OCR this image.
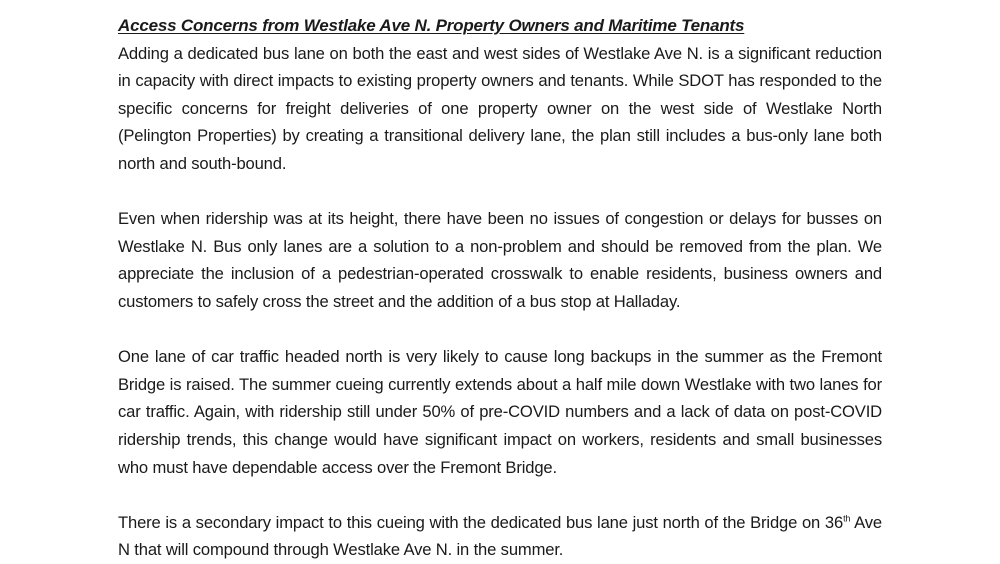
Access Concerns from Westlake Ave N. Property Owners and Maritime Tenants

Adding a dedicated bus lane on both the east and west sides of Westlake Ave N. is a significant reduction in capacity with direct impacts to existing property owners and tenants. While SDOT has responded to the specific concerns for freight deliveries of one property owner on the west side of Westlake North (Pelington Properties) by creating a transitional delivery lane, the plan still includes a bus-only lane both north and south-bound.

Even when ridership was at its height, there have been no issues of congestion or delays for busses on Westlake N. Bus only lanes are a solution to a non-problem and should be removed from the plan. We appreciate the inclusion of a pedestrian-operated crosswalk to enable residents, business owners and customers to safely cross the street and the addition of a bus stop at Halladay.

One lane of car traffic headed north is very likely to cause long backups in the summer as the Fremont Bridge is raised. The summer cueing currently extends about a half mile down Westlake with two lanes for car traffic. Again, with ridership still under 50% of pre-COVID numbers and a lack of data on post-COVID ridership trends, this change would have significant impact on workers, residents and small businesses who must have dependable access over the Fremont Bridge.

There is a secondary impact to this cueing with the dedicated bus lane just north of the Bridge on 36th Ave N that will compound through Westlake Ave N. in the summer.
